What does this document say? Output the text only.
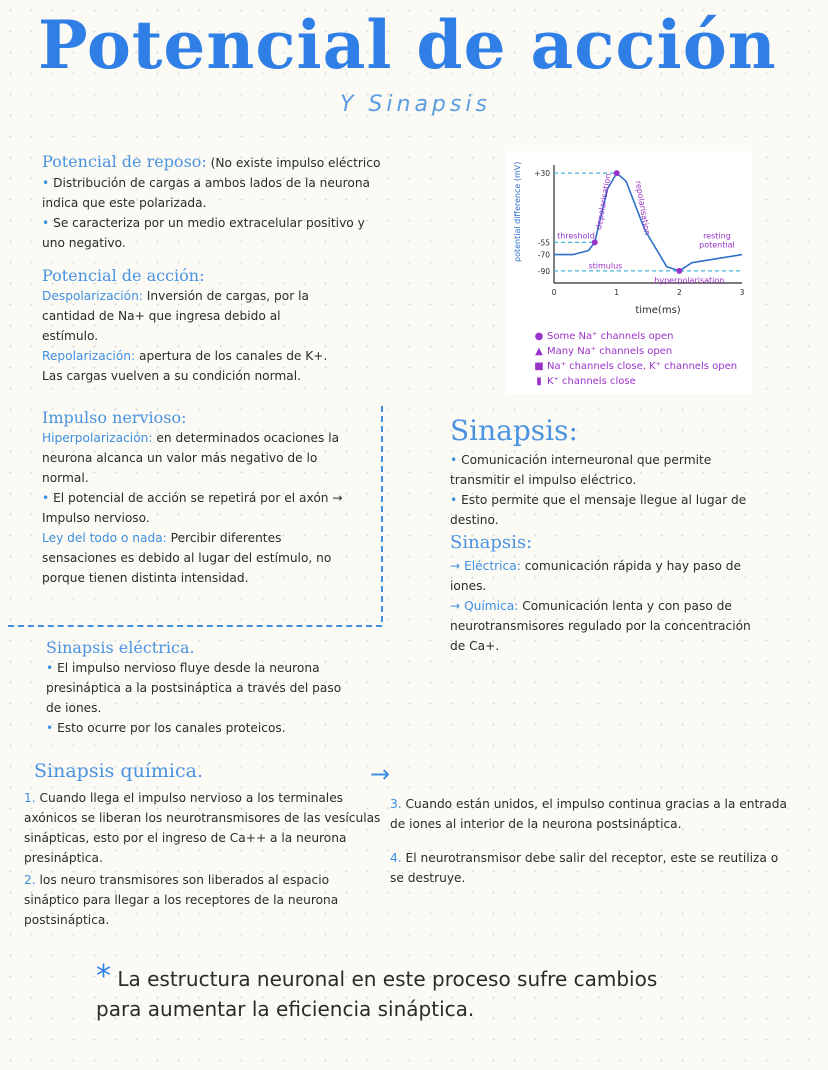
Potencial de acción
Y Sinapsis
Potencial de reposo: (No existe impulso eléctrico
• Distribución de cargas a ambos lados de la neurona indica que este polarizada.
• Se caracteriza por un medio extracelular positivo y uno negativo.
Potencial de acción:
Despolarización: Inversión de cargas, por la cantidad de Na+ que ingresa debido al estímulo.
Repolarización: apertura de los canales de K+. Las cargas vuelven a su condición normal.
Impulso nervioso:
Hiperpolarización: en determinados ocaciones la neurona alcanca un valor más negativo de lo normal.
• El potencial de acción se repetirá por el axón → Impulso nervioso.
Ley del todo o nada: Percibir diferentes sensaciones es debido al lugar del estímulo, no porque tienen distinta intensidad.
potential difference (mV) +30
-55
-70
-90
0	1	2	3
time(ms)
threshold
stimulus
depolarisation	repolarisation	resting
potential
hyperpolarisation
● Some Na⁺ channels open
▲ Many Na⁺ channels open
■ Na⁺ channels close, K⁺ channels open
▮ K⁺ channels close
Sinapsis:
• Comunicación interneuronal que permite transmitir el impulso eléctrico.
• Esto permite que el mensaje llegue al lugar de destino.
Sinapsis:
→ Eléctrica: comunicación rápida y hay paso de iones.
→ Química: Comunicación lenta y con paso de neurotransmisores regulado por la concentración de Ca+.
Sinapsis eléctrica.
• El impulso nervioso fluye desde la neurona presináptica a la postsináptica a través del paso de iones.
• Esto ocurre por los canales proteicos.
Sinapsis química.	→
1. Cuando llega el impulso nervioso a los terminales axónicos se liberan los neurotransmisores de las vesículas sinápticas, esto por el ingreso de Ca++ a la neurona presináptica.
2. los neuro transmisores son liberados al espacio sináptico para llegar a los receptores de la neurona postsináptica.
3. Cuando están unidos, el impulso continua gracias a la entrada de iones al interior de la neurona postsináptica.
4. El neurotransmisor debe salir del receptor, este se reutiliza o se destruye.
* La estructura neuronal en este proceso sufre cambios para aumentar la eficiencia sináptica.
